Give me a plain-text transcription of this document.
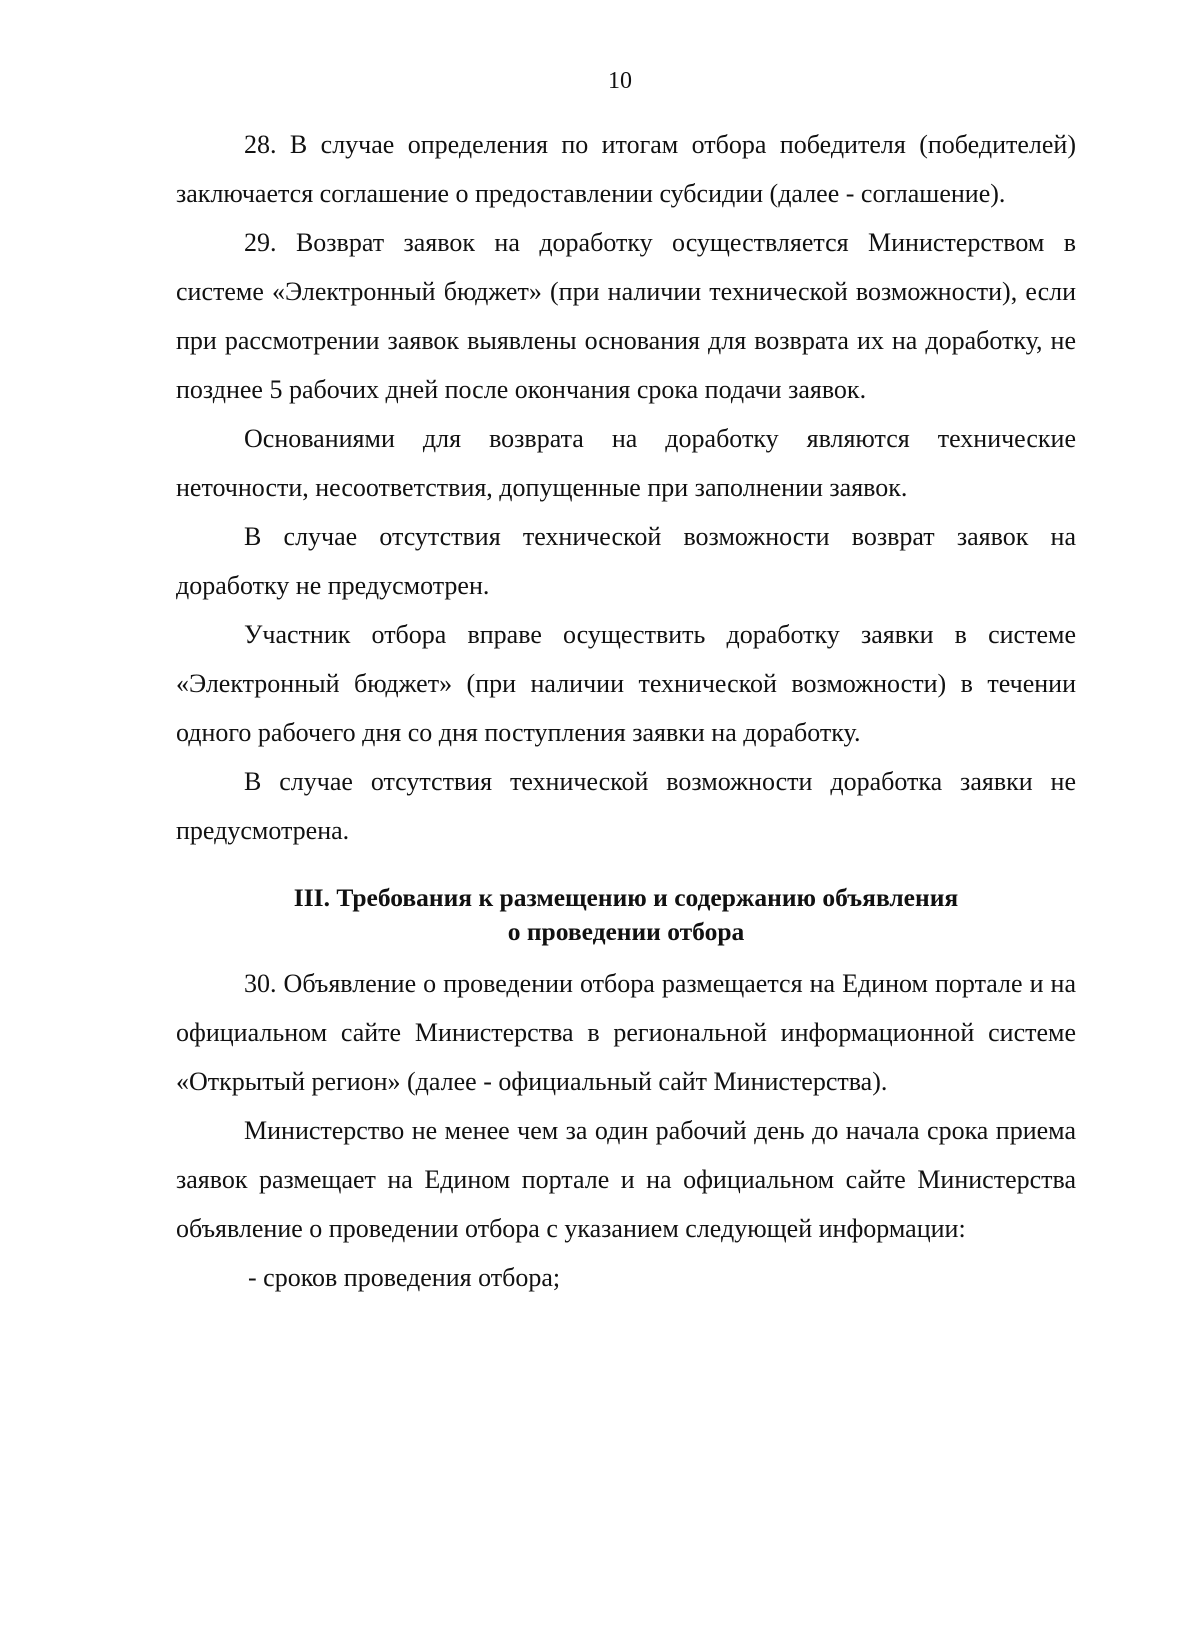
10

28. В случае определения по итогам отбора победителя (победителей) заключается соглашение о предоставлении субсидии (далее - соглашение).

29. Возврат заявок на доработку осуществляется Министерством в системе «Электронный бюджет» (при наличии технической возможности), если при рассмотрении заявок выявлены основания для возврата их на доработку, не позднее 5 рабочих дней после окончания срока подачи заявок.

Основаниями для возврата на доработку являются технические неточности, несоответствия, допущенные при заполнении заявок.

В случае отсутствия технической возможности возврат заявок на доработку не предусмотрен.

Участник отбора вправе осуществить доработку заявки в системе «Электронный бюджет» (при наличии технической возможности) в течении одного рабочего дня со дня поступления заявки на доработку.

В случае отсутствия технической возможности доработка заявки не предусмотрена.

III. Требования к размещению и содержанию объявления
о проведении отбора

30. Объявление о проведении отбора размещается на Едином портале и на официальном сайте Министерства в региональной информационной системе «Открытый регион» (далее - официальный сайт Министерства).

Министерство не менее чем за один рабочий день до начала срока приема заявок размещает на Едином портале и на официальном сайте Министерства объявление о проведении отбора с указанием следующей информации:

- сроков проведения отбора;
